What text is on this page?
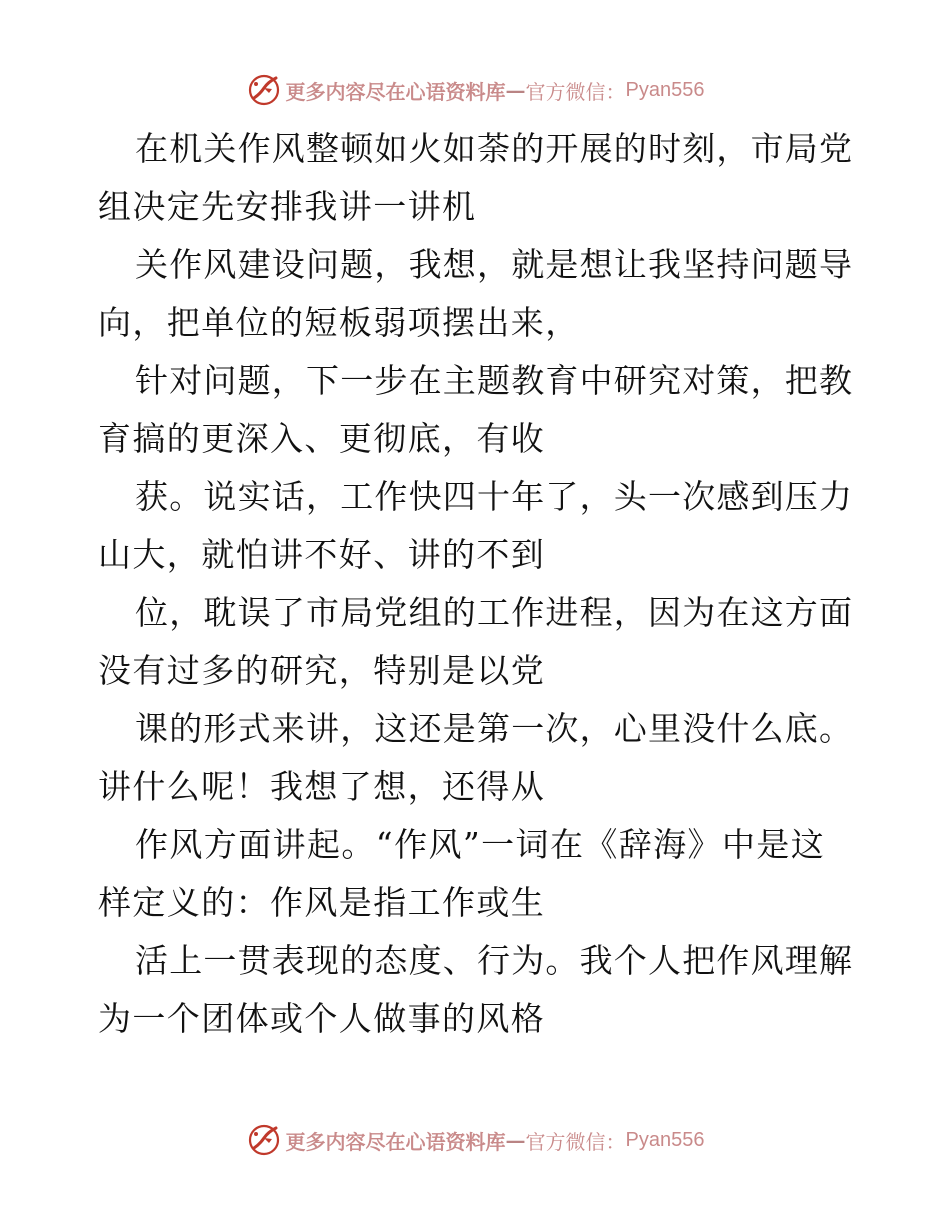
更多内容尽在心语资料库 — 官方微信： Pyan556
在机关作风整顿如火如荼的开展的时刻，市局党
组决定先安排我讲一讲机
关作风建设问题，我想，就是想让我坚持问题导
向，把单位的短板弱项摆出来，
针对问题，下一步在主题教育中研究对策，把教
育搞的更深入、更彻底，有收
获。说实话，工作快四十年了，头一次感到压力
山大，就怕讲不好、讲的不到
位，耽误了市局党组的工作进程，因为在这方面
没有过多的研究，特别是以党
课的形式来讲，这还是第一次，心里没什么底。
讲什么呢！我想了想，还得从
作风方面讲起。“作风”一词在《辞海》中是这
样定义的：作风是指工作或生
活上一贯表现的态度、行为。我个人把作风理解
为一个团体或个人做事的风格
更多内容尽在心语资料库 — 官方微信： Pyan556
